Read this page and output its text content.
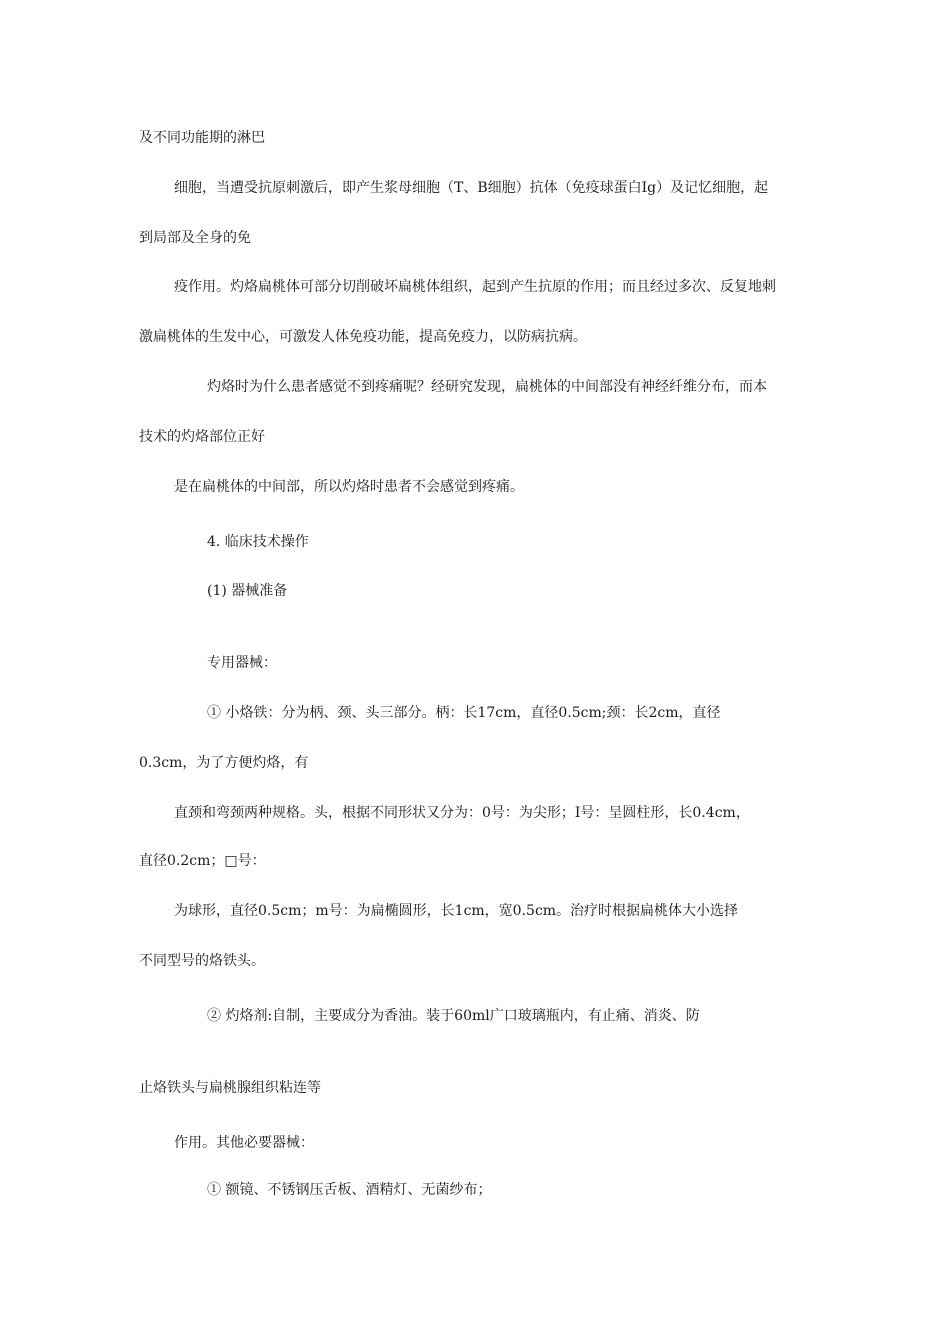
及不同功能期的淋巴
细胞，当遭受抗原刺激后，即产生浆母细胞（T、B细胞）抗体（免疫球蛋白Ig）及记忆细胞，起
到局部及全身的免
疫作用。灼烙扁桃体可部分切削破坏扁桃体组织，起到产生抗原的作用；而且经过多次、反复地刺
激扁桃体的生发中心，可激发人体免疫功能，提高免疫力，以防病抗病。
灼烙时为什么患者感觉不到疼痛呢？经研究发现，扁桃体的中间部没有神经纤维分布，而本
技术的灼烙部位正好
是在扁桃体的中间部，所以灼烙时患者不会感觉到疼痛。
4. 临床技术操作
(1) 器械准备
专用器械：
① 小烙铁：分为柄、颈、头三部分。柄：长17cm，直径0.5cm;颈：长2cm，直径
0.3cm，为了方便灼烙，有
直颈和弯颈两种规格。头，根据不同形状又分为：0号：为尖形；Ⅰ号：呈圆柱形，长0.4cm，
直径0.2cm；□号：
为球形，直径0.5cm；m号：为扁椭圆形，长1cm，宽0.5cm。治疗时根据扁桃体大小选择
不同型号的烙铁头。
② 灼烙剂:自制，主要成分为香油。装于60ml广口玻璃瓶内，有止痛、消炎、防
止烙铁头与扁桃腺组织粘连等
作用。其他必要器械：
① 额镜、不锈钢压舌板、酒精灯、无菌纱布；
